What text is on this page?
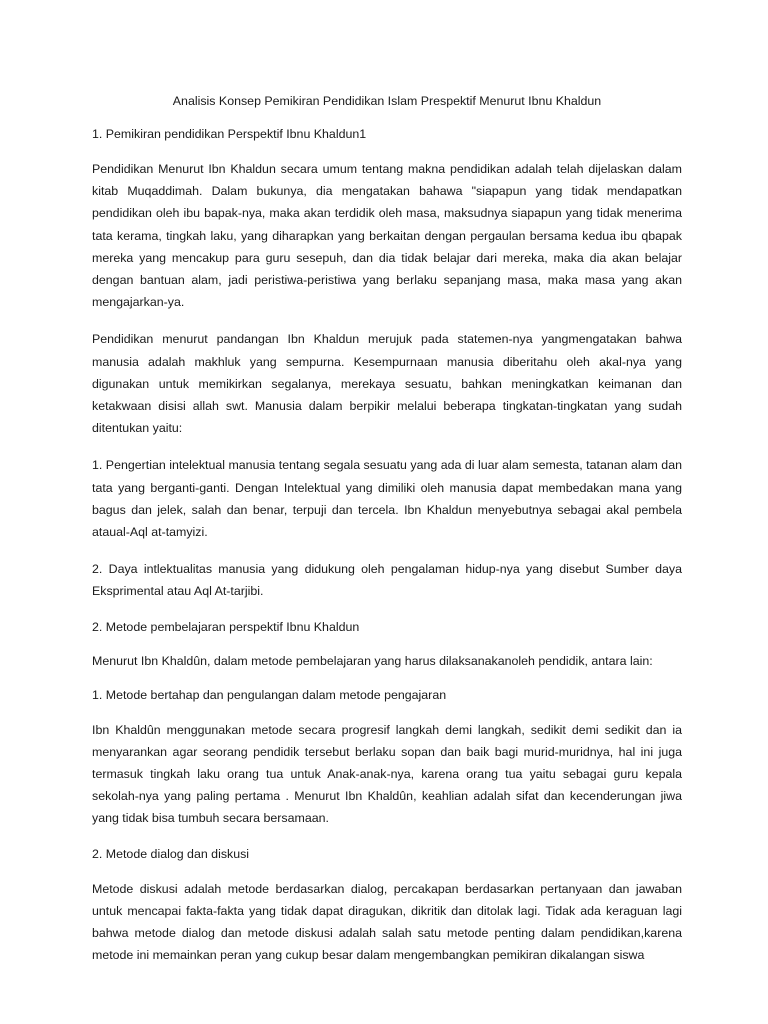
Analisis Konsep Pemikiran Pendidikan Islam Prespektif Menurut Ibnu Khaldun
1. Pemikiran pendidikan Perspektif Ibnu Khaldun1

Pendidikan Menurut Ibn Khaldun secara umum tentang makna pendidikan adalah telah dijelaskan dalam kitab Muqaddimah. Dalam bukunya, dia mengatakan bahawa "siapapun yang tidak mendapatkan pendidikan oleh ibu bapak-nya, maka akan terdidik oleh masa, maksudnya siapapun yang tidak menerima tata kerama, tingkah laku, yang diharapkan yang berkaitan dengan pergaulan bersama kedua ibu qbapak mereka yang mencakup para guru sesepuh, dan dia tidak belajar dari mereka, maka dia akan belajar dengan bantuan alam, jadi peristiwa-peristiwa yang berlaku sepanjang masa, maka masa yang akan mengajarkan-ya.

Pendidikan menurut pandangan Ibn Khaldun merujuk pada statemen-nya yangmengatakan bahwa manusia adalah makhluk yang sempurna. Kesempurnaan manusia diberitahu oleh akal-nya yang digunakan untuk memikirkan segalanya, merekaya sesuatu, bahkan meningkatkan keimanan dan ketakwaan disisi allah swt. Manusia dalam berpikir melalui beberapa tingkatan-tingkatan yang sudah ditentukan yaitu:

1. Pengertian intelektual manusia tentang segala sesuatu yang ada di luar alam semesta, tatanan alam dan tata yang berganti-ganti. Dengan Intelektual yang dimiliki oleh manusia dapat membedakan mana yang bagus dan jelek, salah dan benar, terpuji dan tercela. Ibn Khaldun menyebutnya sebagai akal pembela ataual-Aql at-tamyizi.

2. Daya intlektualitas manusia yang didukung oleh pengalaman hidup-nya yang disebut Sumber daya Eksprimental atau Aql At-tarjibi.

2. Metode pembelajaran perspektif Ibnu Khaldun

Menurut Ibn Khaldûn, dalam metode pembelajaran yang harus dilaksanakanoleh pendidik, antara lain:

1. Metode bertahap dan pengulangan dalam metode pengajaran

Ibn Khaldûn menggunakan metode secara progresif langkah demi langkah, sedikit demi sedikit dan ia menyarankan agar seorang pendidik tersebut berlaku sopan dan baik bagi murid-muridnya, hal ini juga termasuk tingkah laku orang tua untuk Anak-anak-nya, karena orang tua yaitu sebagai guru kepala sekolah-nya yang paling pertama . Menurut Ibn Khaldûn, keahlian adalah sifat dan kecenderungan jiwa yang tidak bisa tumbuh secara bersamaan.

2. Metode dialog dan diskusi

Metode diskusi adalah metode berdasarkan dialog, percakapan berdasarkan pertanyaan dan jawaban untuk mencapai fakta-fakta yang tidak dapat diragukan, dikritik dan ditolak lagi. Tidak ada keraguan lagi bahwa metode dialog dan metode diskusi adalah salah satu metode penting dalam pendidikan,karena metode ini memainkan peran yang cukup besar dalam mengembangkan pemikiran dikalangan siswa
